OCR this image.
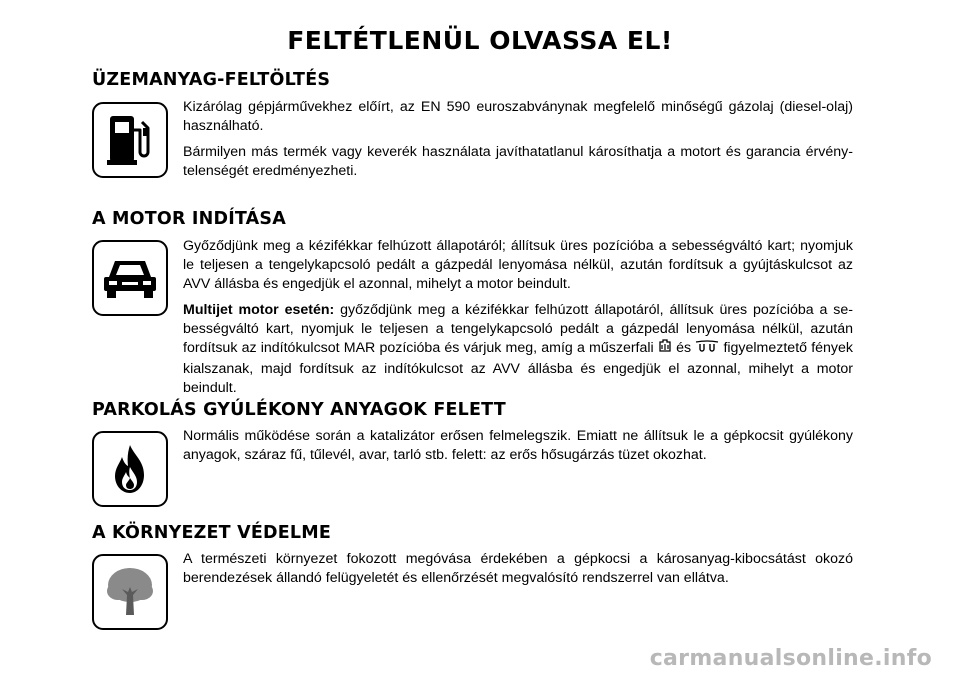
FELTÉTLENÜL OLVASSA EL!
ÜZEMANYAG-FELTÖLTÉS

Kizárólag gépjárművekhez előírt, az EN 590 euroszabványnak megfelelő minőségű gázolaj (diesel-olaj) használható.

Bármilyen más termék vagy keverék használata javíthatatlanul károsíthatja a motort és garancia érvénytelenségét eredményezheti.

A MOTOR INDÍTÁSA

Győződjünk meg a kézifékkar felhúzott állapotáról; állítsuk üres pozícióba a sebességváltó kart; nyomjuk le teljesen a tengelykapcsoló pedált a gázpedál lenyomása nélkül, azután fordítsuk a gyújtáskulcsot az AVV állásba és engedjük el azonnal, mihelyt a motor beindult.

Multijet motor esetén: győződjünk meg a kézifékkar felhúzott állapotáról, állítsuk üres pozícióba a sebességváltó kart, nyomjuk le teljesen a tengelykapcsoló pedált a gázpedál lenyomása nélkül, azután fordítsuk az indítókulcsot MAR pozícióba és várjuk meg, amíg a műszerfali és figyelmeztető fények kialszanak, majd fordítsuk az indítókulcsot az AVV állásba és engedjük el azonnal, mihelyt a motor beindult.

PARKOLÁS GYÚLÉKONY ANYAGOK FELETT

Normális működése során a katalizátor erősen felmelegszik. Emiatt ne állítsuk le a gépkocsit gyúlékony anyagok, száraz fű, tűlevél, avar, tarló stb. felett: az erős hősugárzás tüzet okozhat.

A KÖRNYEZET VÉDELME

A természeti környezet fokozott megóvása érdekében a gépkocsi a károsanyag-kibocsátást okozó berendezések állandó felügyeletét és ellenőrzését megvalósító rendszerrel van ellátva.

carmanualsonline.info
